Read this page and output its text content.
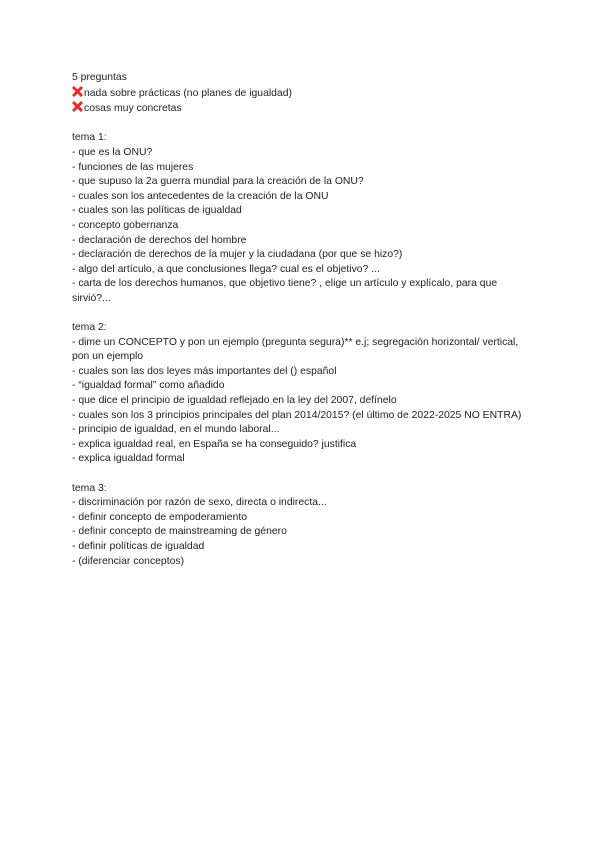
5 preguntas
nada sobre prácticas (no planes de igualdad)
cosas muy concretas
tema 1:
- que es la ONU?
- funciones de las mujeres
- que supuso la 2a guerra mundial para la creación de la ONU?
- cuales son los antecedentes de la creación de la ONU
- cuales son las políticas de igualdad
- concepto gobernanza
- declaración de derechos del hombre
- declaración de derechos de la mujer y la ciudadana (por que se hizo?)
- algo del artículo, a que conclusiones llega? cual es el objetivo? ...
- carta de los derechos humanos, que objetivo tiene? , elige un artículo y explícalo, para que sirvió?...
tema 2:
- dime un CONCEPTO y pon un ejemplo (pregunta segura)** e.j; segregación horizontal/ vertical, pon un ejemplo
- cuales son las dos leyes más importantes del () español
- “igualdad formal” como añadido
- que dice el principio de igualdad reflejado en la ley del 2007, defínelo
- cuales son los 3 principios principales del plan 2014/2015? (el último de 2022-2025 NO ENTRA)
- principio de igualdad, en el mundo laboral...
- explica igualdad real, en España se ha conseguido? justifica
- explica igualdad formal
tema 3:
- discriminación por razón de sexo, directa o indirecta...
- definir concepto de empoderamiento
- definir concepto de mainstreaming de género
- definir políticas de igualdad
- (diferenciar conceptos)
